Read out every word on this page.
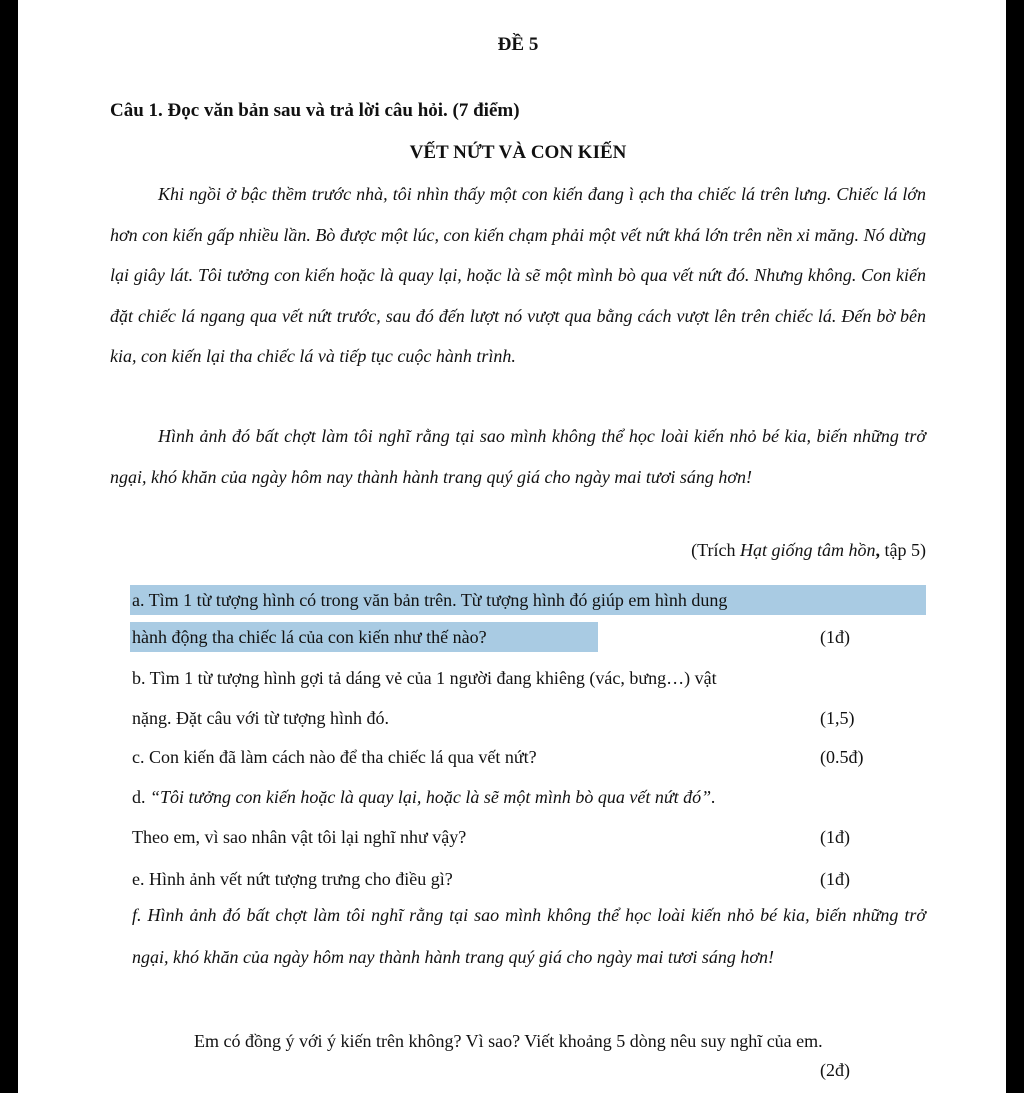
ĐỀ 5
Câu 1. Đọc văn bản sau và trả lời câu hỏi. (7 điểm)
VẾT NỨT VÀ CON KIẾN

Khi ngồi ở bậc thềm trước nhà, tôi nhìn thấy một con kiến đang ì ạch tha chiếc lá trên lưng. Chiếc lá lớn hơn con kiến gấp nhiều lần. Bò được một lúc, con kiến chạm phải một vết nứt khá lớn trên nền xi măng. Nó dừng lại giây lát. Tôi tưởng con kiến hoặc là quay lại, hoặc là sẽ một mình bò qua vết nứt đó. Nhưng không. Con kiến đặt chiếc lá ngang qua vết nứt trước, sau đó đến lượt nó vượt qua bằng cách vượt lên trên chiếc lá. Đến bờ bên kia, con kiến lại tha chiếc lá và tiếp tục cuộc hành trình.

Hình ảnh đó bất chợt làm tôi nghĩ rằng tại sao mình không thể học loài kiến nhỏ bé kia, biến những trở ngại, khó khăn của ngày hôm nay thành hành trang quý giá cho ngày mai tươi sáng hơn!

(Trích Hạt giống tâm hồn, tập 5)
a. Tìm 1 từ tượng hình có trong văn bản trên. Từ tượng hình đó giúp em hình dung
hành động tha chiếc lá của con kiến như thế nào?	(1đ)
b. Tìm 1 từ tượng hình gợi tả dáng vẻ của 1 người đang khiêng (vác, bưng…) vật
nặng. Đặt câu với từ tượng hình đó.	(1,5)
c. Con kiến đã làm cách nào để tha chiếc lá qua vết nứt?	(0.5đ)
d. “Tôi tưởng con kiến hoặc là quay lại, hoặc là sẽ một mình bò qua vết nứt đó”.
Theo em, vì sao nhân vật tôi lại nghĩ như vậy?	(1đ)
e. Hình ảnh vết nứt tượng trưng cho điều gì?	(1đ)

f. Hình ảnh đó bất chợt làm tôi nghĩ rằng tại sao mình không thể học loài kiến nhỏ bé kia, biến những trở ngại, khó khăn của ngày hôm nay thành hành trang quý giá cho ngày mai tươi sáng hơn!

Em có đồng ý với ý kiến trên không? Vì sao? Viết khoảng 5 dòng nêu suy nghĩ của em.

(2đ)
